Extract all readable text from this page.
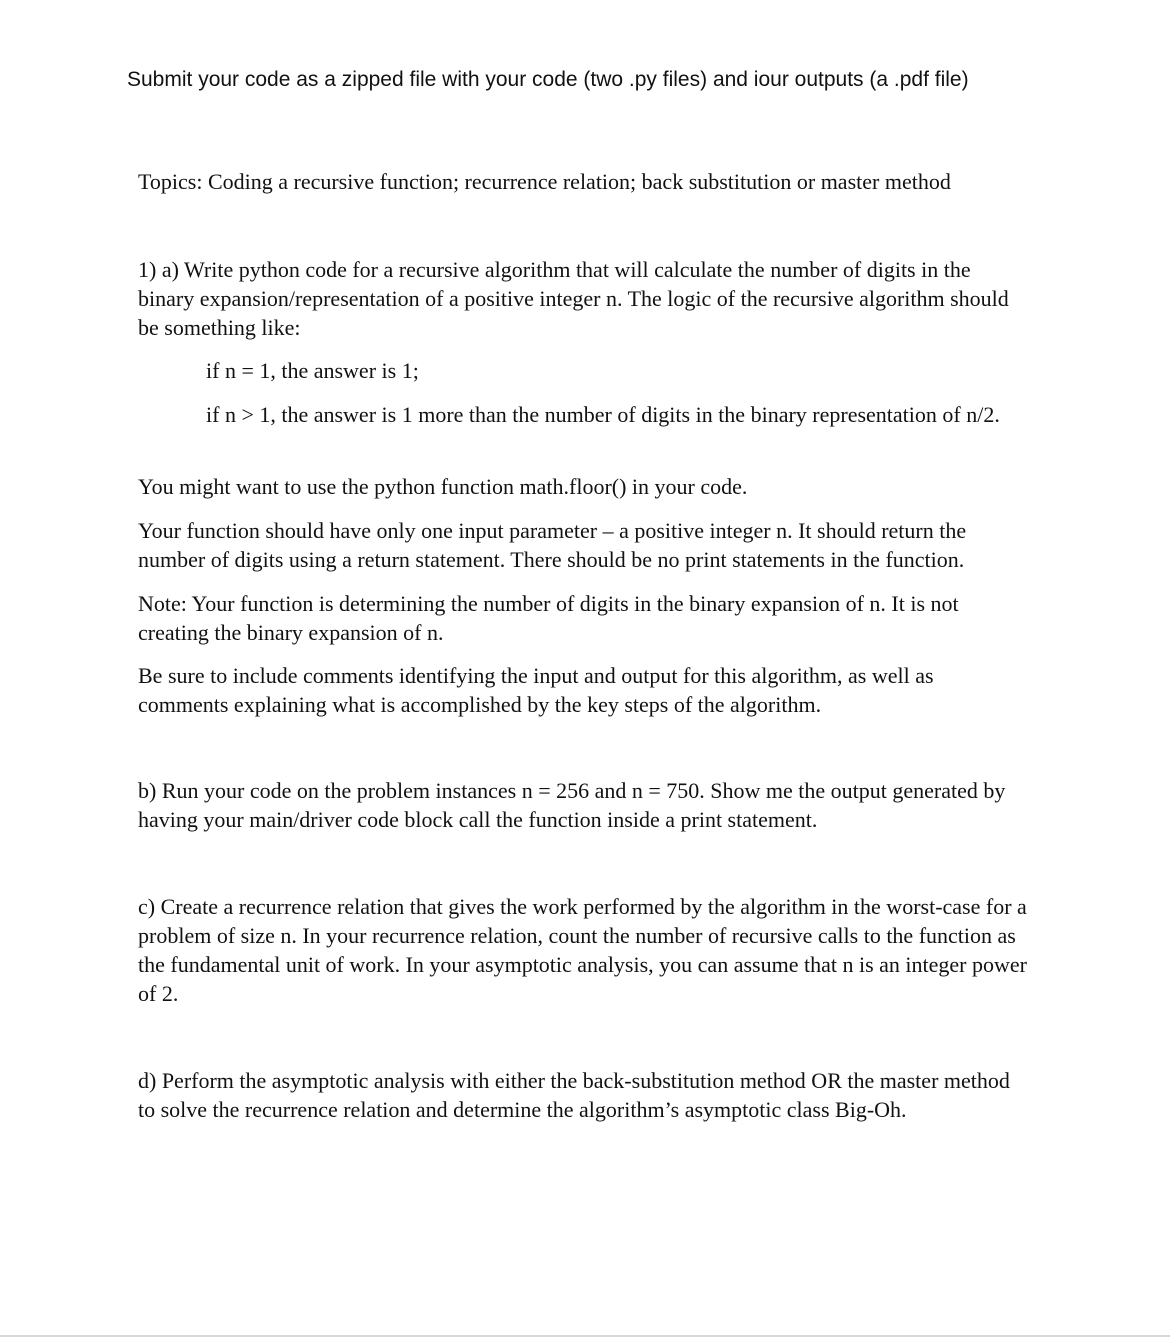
Submit your code as a zipped file with your code (two .py files) and iour outputs (a .pdf file)

Topics: Coding a recursive function; recurrence relation; back substitution or master method

1) a) Write python code for a recursive algorithm that will calculate the number of digits in the binary expansion/representation of a positive integer n. The logic of the recursive algorithm should be something like:

if n = 1, the answer is 1;

if n > 1, the answer is 1 more than the number of digits in the binary representation of n/2.

You might want to use the python function math.floor() in your code.

Your function should have only one input parameter – a positive integer n. It should return the number of digits using a return statement. There should be no print statements in the function.

Note: Your function is determining the number of digits in the binary expansion of n. It is not creating the binary expansion of n.

Be sure to include comments identifying the input and output for this algorithm, as well as comments explaining what is accomplished by the key steps of the algorithm.

b) Run your code on the problem instances n = 256 and n = 750. Show me the output generated by having your main/driver code block call the function inside a print statement.

c) Create a recurrence relation that gives the work performed by the algorithm in the worst-case for a problem of size n. In your recurrence relation, count the number of recursive calls to the function as the fundamental unit of work. In your asymptotic analysis, you can assume that n is an integer power of 2.

d) Perform the asymptotic analysis with either the back-substitution method OR the master method to solve the recurrence relation and determine the algorithm’s asymptotic class Big-Oh.
